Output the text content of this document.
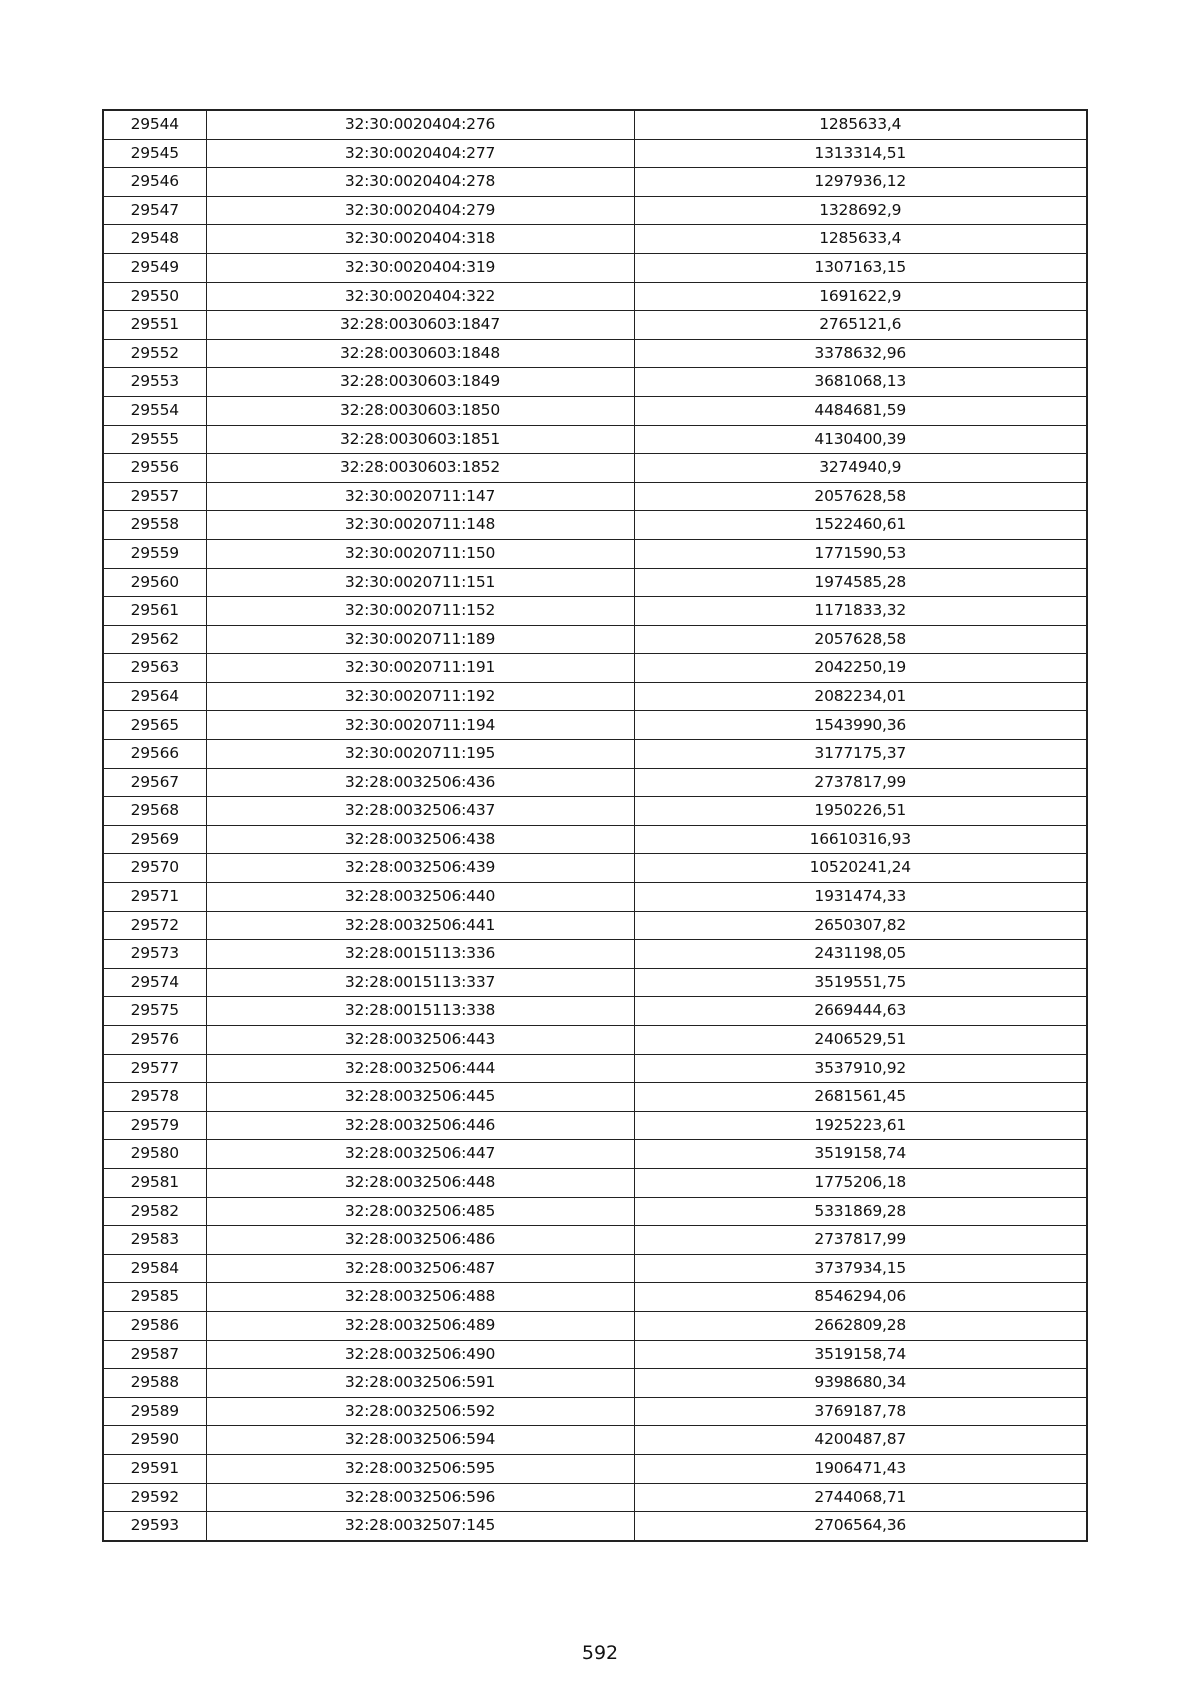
29544	32:30:0020404:276	1285633,4
29545	32:30:0020404:277	1313314,51
29546	32:30:0020404:278	1297936,12
29547	32:30:0020404:279	1328692,9
29548	32:30:0020404:318	1285633,4
29549	32:30:0020404:319	1307163,15
29550	32:30:0020404:322	1691622,9
29551	32:28:0030603:1847	2765121,6
29552	32:28:0030603:1848	3378632,96
29553	32:28:0030603:1849	3681068,13
29554	32:28:0030603:1850	4484681,59
29555	32:28:0030603:1851	4130400,39
29556	32:28:0030603:1852	3274940,9
29557	32:30:0020711:147	2057628,58
29558	32:30:0020711:148	1522460,61
29559	32:30:0020711:150	1771590,53
29560	32:30:0020711:151	1974585,28
29561	32:30:0020711:152	1171833,32
29562	32:30:0020711:189	2057628,58
29563	32:30:0020711:191	2042250,19
29564	32:30:0020711:192	2082234,01
29565	32:30:0020711:194	1543990,36
29566	32:30:0020711:195	3177175,37
29567	32:28:0032506:436	2737817,99
29568	32:28:0032506:437	1950226,51
29569	32:28:0032506:438	16610316,93
29570	32:28:0032506:439	10520241,24
29571	32:28:0032506:440	1931474,33
29572	32:28:0032506:441	2650307,82
29573	32:28:0015113:336	2431198,05
29574	32:28:0015113:337	3519551,75
29575	32:28:0015113:338	2669444,63
29576	32:28:0032506:443	2406529,51
29577	32:28:0032506:444	3537910,92
29578	32:28:0032506:445	2681561,45
29579	32:28:0032506:446	1925223,61
29580	32:28:0032506:447	3519158,74
29581	32:28:0032506:448	1775206,18
29582	32:28:0032506:485	5331869,28
29583	32:28:0032506:486	2737817,99
29584	32:28:0032506:487	3737934,15
29585	32:28:0032506:488	8546294,06
29586	32:28:0032506:489	2662809,28
29587	32:28:0032506:490	3519158,74
29588	32:28:0032506:591	9398680,34
29589	32:28:0032506:592	3769187,78
29590	32:28:0032506:594	4200487,87
29591	32:28:0032506:595	1906471,43
29592	32:28:0032506:596	2744068,71
29593	32:28:0032507:145	2706564,36
592
